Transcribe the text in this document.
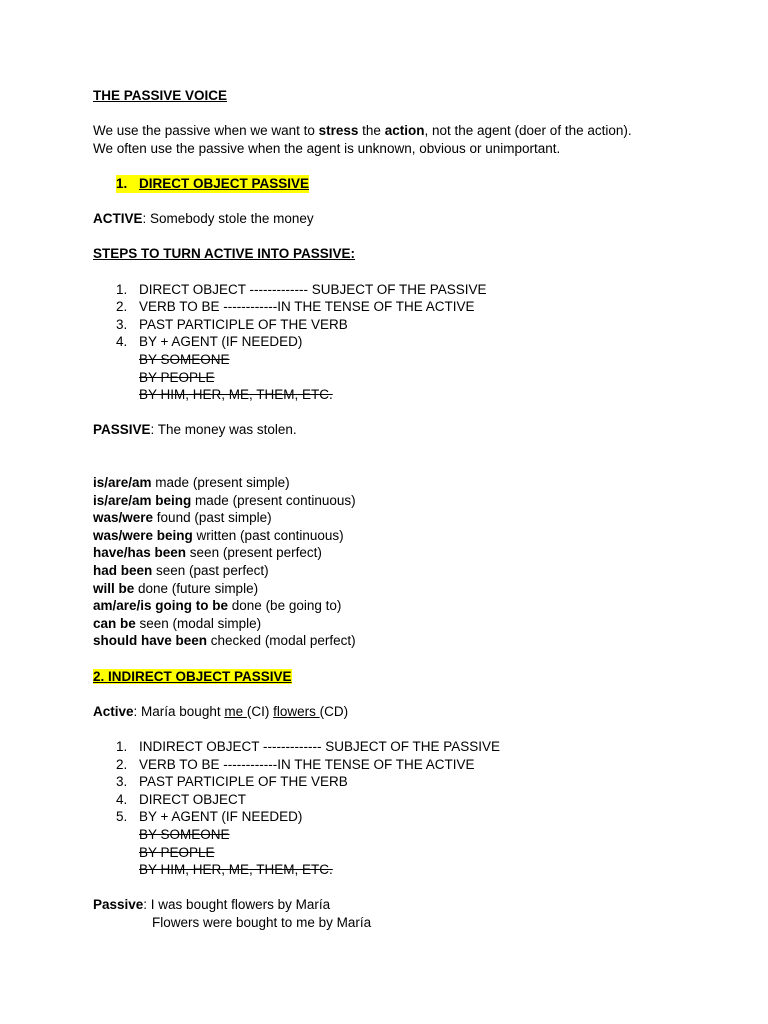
THE PASSIVE VOICE

We use the passive when we want to stress the action, not the agent (doer of the action).

We often use the passive when the agent is unknown, obvious or unimportant.

1. DIRECT OBJECT PASSIVE

ACTIVE: Somebody stole the money

STEPS TO TURN ACTIVE INTO PASSIVE:

1. DIRECT OBJECT ------------- SUBJECT OF THE PASSIVE
2. VERB TO BE ------------IN THE TENSE OF THE ACTIVE
3. PAST PARTICIPLE OF THE VERB
4. BY + AGENT (IF NEEDED)

BY SOMEONE

BY PEOPLE

BY HIM, HER, ME, THEM, ETC.

PASSIVE: The money was stolen.

is/are/am made (present simple)

is/are/am being made (present continuous)

was/were found (past simple)

was/were being written (past continuous)

have/has been seen (present perfect)

had been seen (past perfect)

will be done (future simple)

am/are/is going to be done (be going to)

can be seen (modal simple)

should have been checked (modal perfect)

2. INDIRECT OBJECT PASSIVE

Active: María bought me (CI) flowers (CD)

1. INDIRECT OBJECT ------------- SUBJECT OF THE PASSIVE
2. VERB TO BE ------------IN THE TENSE OF THE ACTIVE
3. PAST PARTICIPLE OF THE VERB
4. DIRECT OBJECT
5. BY + AGENT (IF NEEDED)

BY SOMEONE

BY PEOPLE

BY HIM, HER, ME, THEM, ETC.

Passive: I was bought flowers by María

Flowers were bought to me by María
